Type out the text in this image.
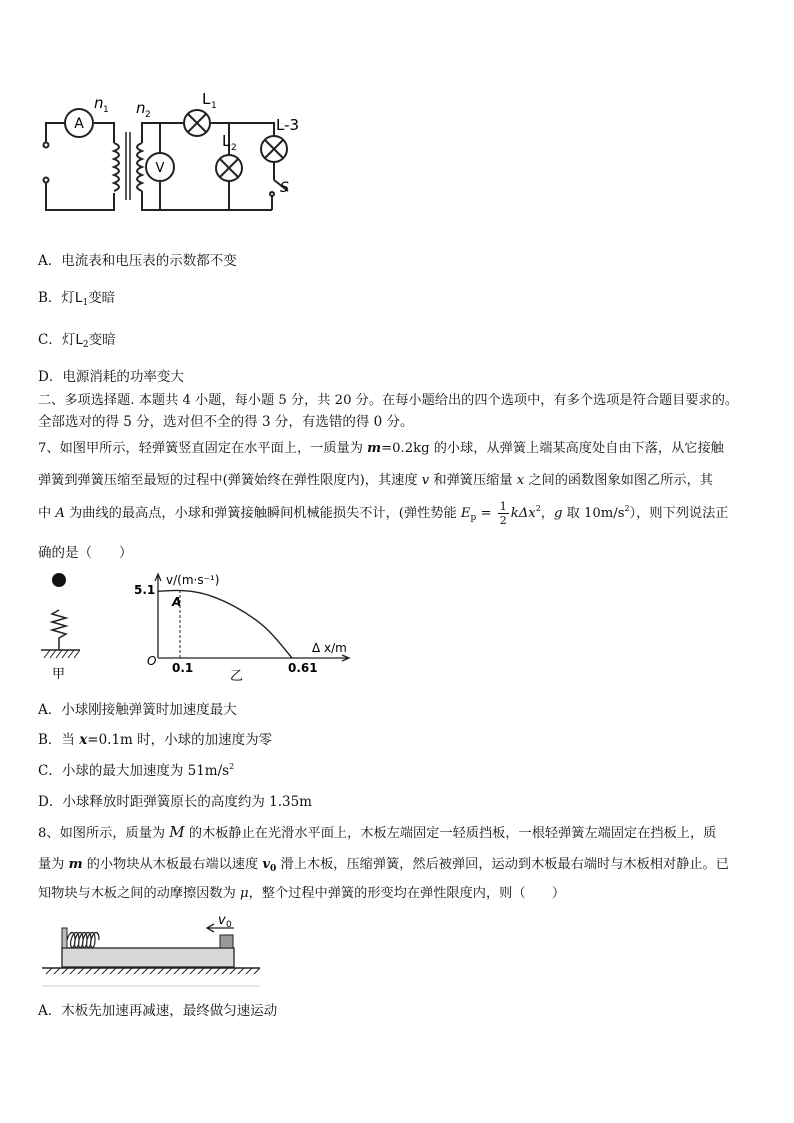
A
V
n 1 n 2
L 1
L 2
L-3
S
A．电流表和电压表的示数都不变
B．灯$L_1$变暗
C．灯$L_2$变暗
D．电源消耗的功率变大
二、多项选择题. 本题共 4 小题，每小题 5 分，共 20 分。在每小题给出的四个选项中，有多个选项是符合题目要求的。
全部选对的得 5 分，选对但不全的得 3 分，有选错的得 0 分。
7、如图甲所示，轻弹簧竖直固定在水平面上，一质量为 m=0.2kg 的小球，从弹簧上端某高度处自由下落，从它接触
弹簧到弹簧压缩至最短的过程中(弹簧始终在弹性限度内)，其速度 v 和弹簧压缩量 x 之间的函数图象如图乙所示，其
中 A 为曲线的最高点，小球和弹簧接触瞬间机械能损失不计，(弹性势能 $E_p = \frac{1}{2} k\Delta x^2$，g 取 $10m/s^2$），则下列说法正
确的是（　　）
甲
v/(m·s⁻¹)
Δ x/m
O
5.1
A
0.1	0.61
乙
A．小球刚接触弹簧时加速度最大
B．当 x=0.1m 时，小球的加速度为零
C．小球的最大加速度为 $51m/s^2$
D．小球释放时距弹簧原长的高度约为 1.35m
8、如图所示，质量为 M 的木板静止在光滑水平面上，木板左端固定一轻质挡板，一根轻弹簧左端固定在挡板上，质
量为 m 的小物块从木板最右端以速度 $v_0$ 滑上木板，压缩弹簧，然后被弹回，运动到木板最右端时与木板相对静止。已
知物块与木板之间的动摩擦因数为 μ，整个过程中弹簧的形变均在弹性限度内，则（　　）
v 0
A．木板先加速再减速，最终做匀速运动
